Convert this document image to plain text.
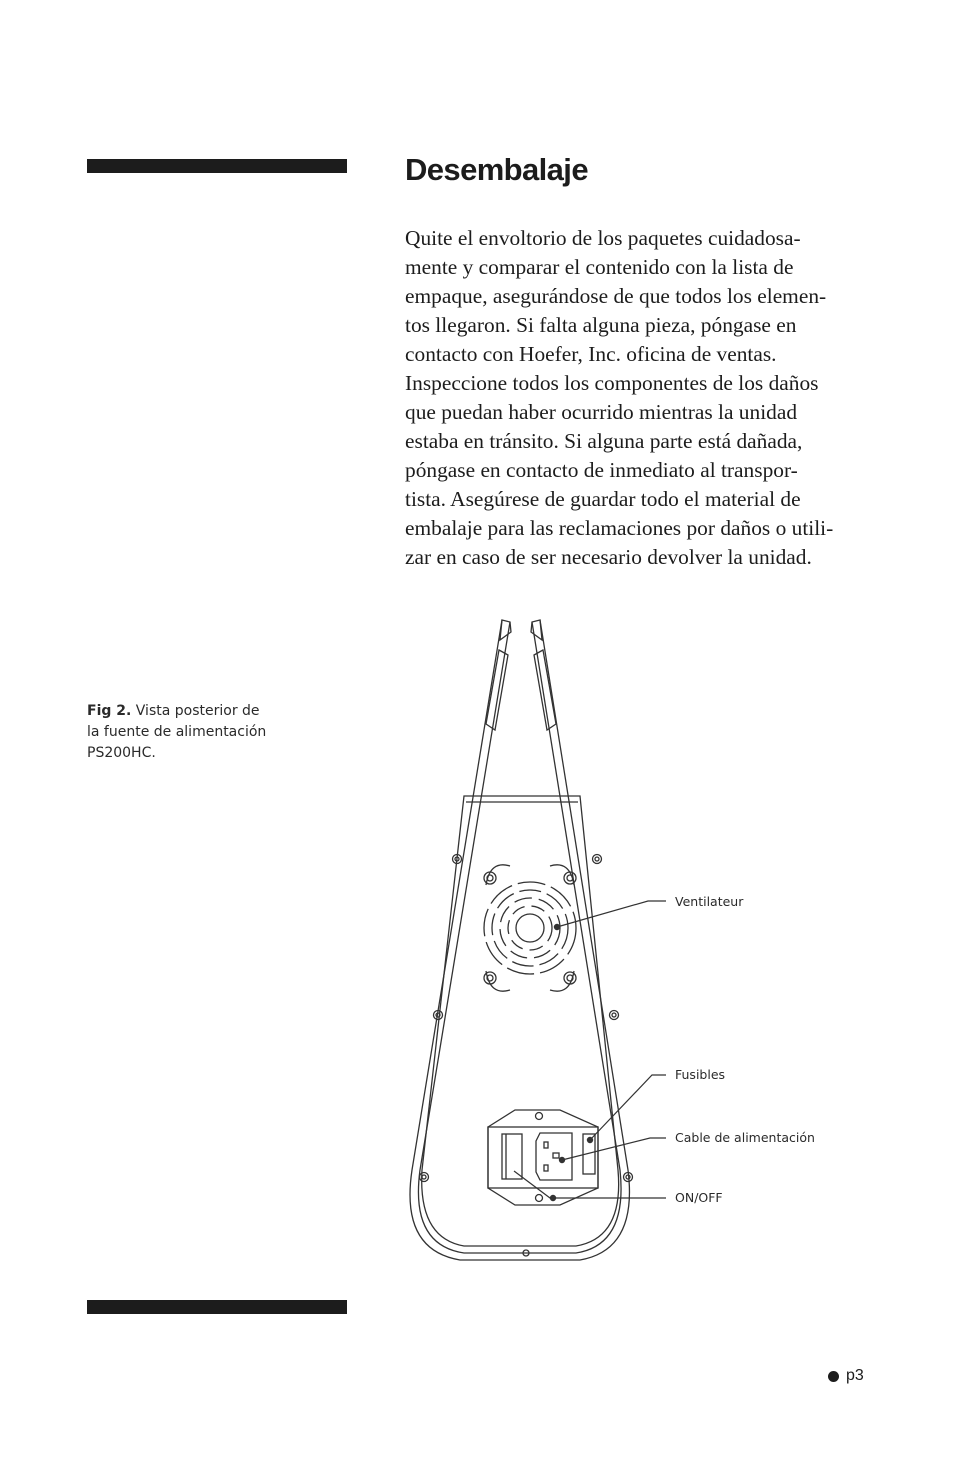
Desembalaje
Quite el envoltorio de los paquetes cuidadosa-
mente y comparar el contenido con la lista de
empaque, asegurándose de que todos los elemen-
tos llegaron. Si falta alguna pieza, póngase en
contacto con Hoefer, Inc. oficina de ventas.
Inspeccione todos los componentes de los daños
que puedan haber ocurrido mientras la unidad
estaba en tránsito. Si alguna parte está dañada,
póngase en contacto de inmediato al transpor-
tista. Asegúrese de guardar todo el material de
embalaje para las reclamaciones por daños o utili-
zar en caso de ser necesario devolver la unidad.
Fig 2. Vista posterior de
la fuente de alimentación
PS200HC.
Ventilateur
Fusibles
Cable de alimentación
ON/OFF
p3
